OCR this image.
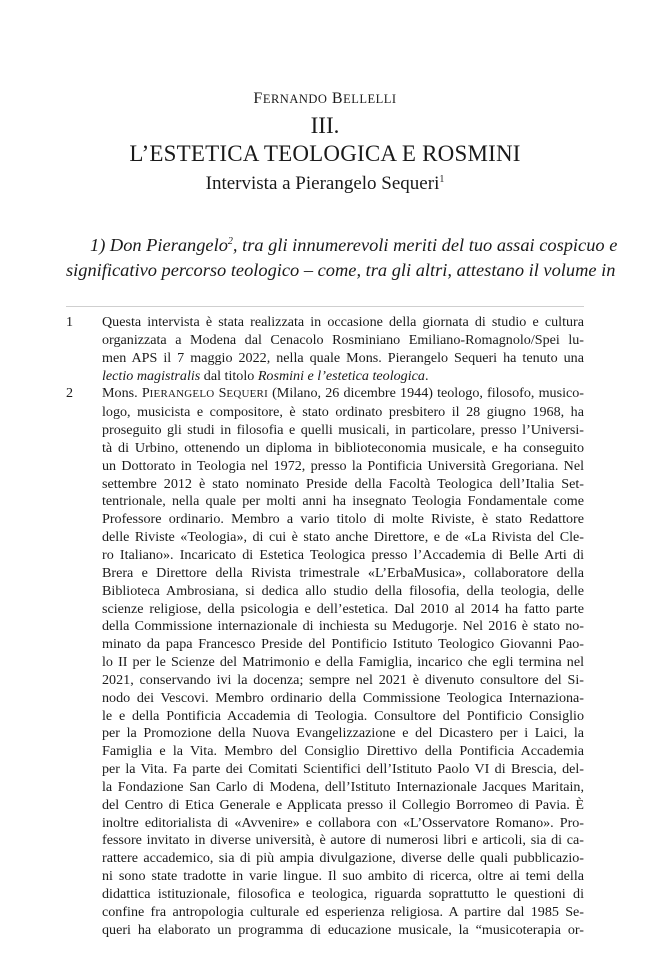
FERNANDO BELLELLI
III.
L’ESTETICA TEOLOGICA E ROSMINI
Intervista a Pierangelo Sequeri$^1$
1) Don Pierangelo$^2$, tra gli innumerevoli meriti del tuo assai cospicuo e
significativo percorso teologico – come, tra gli altri, attestano il volume in
1 Questa intervista è stata realizzata in occasione della giornata di studio e cultura
organizzata a Modena dal Cenacolo Rosminiano Emiliano-Romagnolo/Spei lu-
men APS il 7 maggio 2022, nella quale Mons. Pierangelo Sequeri ha tenuto una
lectio magistralis dal titolo Rosmini e l’estetica teologica.
2 Mons. PIERANGELO SEQUERI (Milano, 26 dicembre 1944) teologo, filosofo, musico-
logo, musicista e compositore, è stato ordinato presbitero il 28 giugno 1968, ha
proseguito gli studi in filosofia e quelli musicali, in particolare, presso l’Universi-
tà di Urbino, ottenendo un diploma in biblioteconomia musicale, e ha conseguito
un Dottorato in Teologia nel 1972, presso la Pontificia Università Gregoriana. Nel
settembre 2012 è stato nominato Preside della Facoltà Teologica dell’Italia Set-
tentrionale, nella quale per molti anni ha insegnato Teologia Fondamentale come
Professore ordinario. Membro a vario titolo di molte Riviste, è stato Redattore
delle Riviste «Teologia», di cui è stato anche Direttore, e de «La Rivista del Cle-
ro Italiano». Incaricato di Estetica Teologica presso l’Accademia di Belle Arti di
Brera e Direttore della Rivista trimestrale «L’ErbaMusica», collaboratore della
Biblioteca Ambrosiana, si dedica allo studio della filosofia, della teologia, delle
scienze religiose, della psicologia e dell’estetica. Dal 2010 al 2014 ha fatto parte
della Commissione internazionale di inchiesta su Medugorje. Nel 2016 è stato no-
minato da papa Francesco Preside del Pontificio Istituto Teologico Giovanni Pao-
lo II per le Scienze del Matrimonio e della Famiglia, incarico che egli termina nel
2021, conservando ivi la docenza; sempre nel 2021 è divenuto consultore del Si-
nodo dei Vescovi. Membro ordinario della Commissione Teologica Internaziona-
le e della Pontificia Accademia di Teologia. Consultore del Pontificio Consiglio
per la Promozione della Nuova Evangelizzazione e del Dicastero per i Laici, la
Famiglia e la Vita. Membro del Consiglio Direttivo della Pontificia Accademia
per la Vita. Fa parte dei Comitati Scientifici dell’Istituto Paolo VI di Brescia, del-
la Fondazione San Carlo di Modena, dell’Istituto Internazionale Jacques Maritain,
del Centro di Etica Generale e Applicata presso il Collegio Borromeo di Pavia. È
inoltre editorialista di «Avvenire» e collabora con «L’Osservatore Romano». Pro-
fessore invitato in diverse università, è autore di numerosi libri e articoli, sia di ca-
rattere accademico, sia di più ampia divulgazione, diverse delle quali pubblicazio-
ni sono state tradotte in varie lingue. Il suo ambito di ricerca, oltre ai temi della
didattica istituzionale, filosofica e teologica, riguarda soprattutto le questioni di
confine fra antropologia culturale ed esperienza religiosa. A partire dal 1985 Se-
queri ha elaborato un programma di educazione musicale, la “musicoterapia or-
